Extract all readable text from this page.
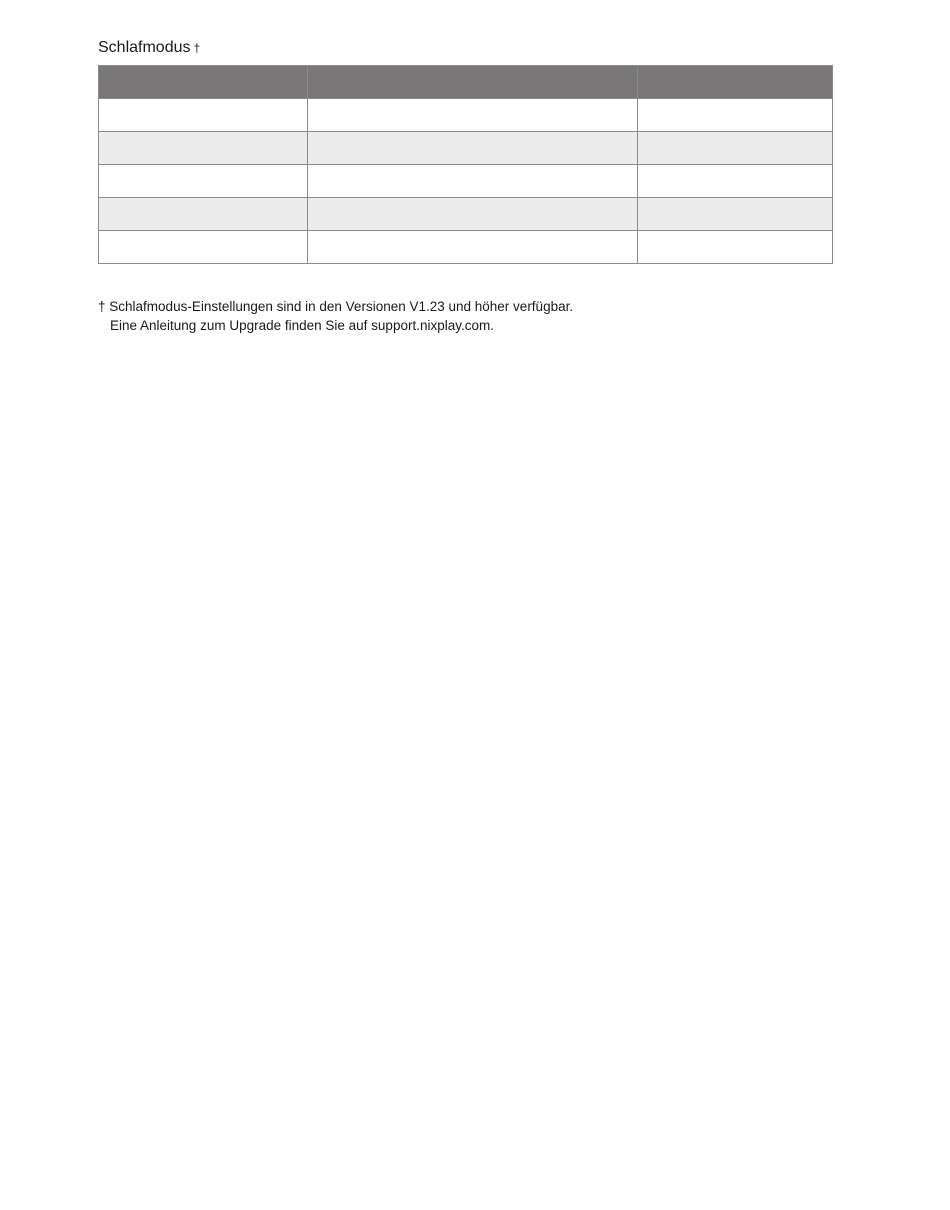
Schlafmodus †

† Schlafmodus-Einstellungen sind in den Versionen V1.23 und höher verfügbar.
Eine Anleitung zum Upgrade finden Sie auf support.nixplay.com.
